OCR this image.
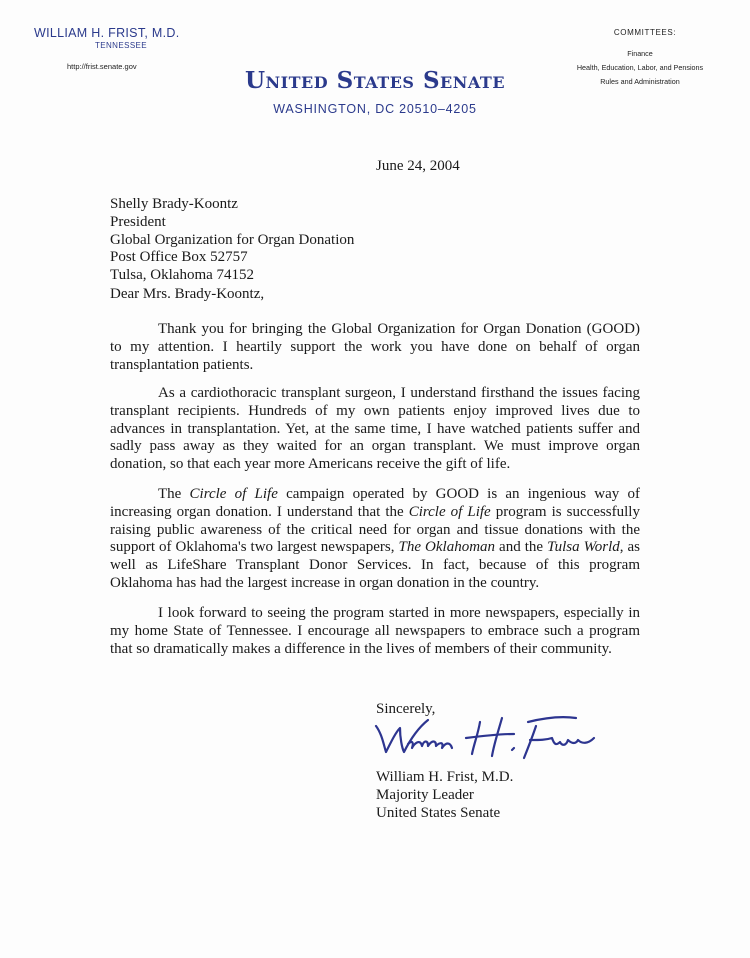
WILLIAM H. FRIST, M.D.
TENNESSEE
http://frist.senate.gov
United States Senate
WASHINGTON, DC 20510–4205
COMMITTEES:
Finance
Health, Education, Labor, and Pensions
Rules and Administration
June 24, 2004
Shelly Brady-Koontz
President
Global Organization for Organ Donation
Post Office Box 52757
Tulsa, Oklahoma 74152
Dear Mrs. Brady-Koontz,
Thank you for bringing the Global Organization for Organ Donation (GOOD) to my attention. I heartily support the work you have done on behalf of organ transplantation patients.
As a cardiothoracic transplant surgeon, I understand firsthand the issues facing transplant recipients. Hundreds of my own patients enjoy improved lives due to advances in transplantation. Yet, at the same time, I have watched patients suffer and sadly pass away as they waited for an organ transplant. We must improve organ donation, so that each year more Americans receive the gift of life.
The Circle of Life campaign operated by GOOD is an ingenious way of increasing organ donation. I understand that the Circle of Life program is successfully raising public awareness of the critical need for organ and tissue donations with the support of Oklahoma's two largest newspapers, The Oklahoman and the Tulsa World, as well as LifeShare Transplant Donor Services. In fact, because of this program Oklahoma has had the largest increase in organ donation in the country.
I look forward to seeing the program started in more newspapers, especially in my home State of Tennessee. I encourage all newspapers to embrace such a program that so dramatically makes a difference in the lives of members of their community.
Sincerely,
William H. Frist, M.D.
Majority Leader
United States Senate
